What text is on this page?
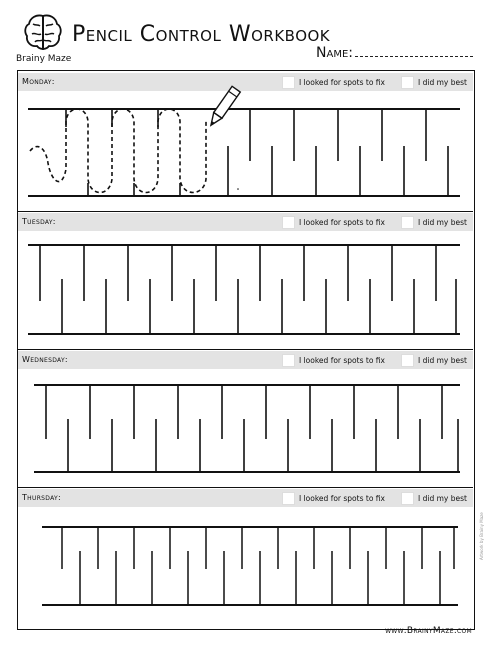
Brainy Maze
Pencil Control Workbook
Name:
Monday:	I looked for spots to fix	I did my best
Tuesday:	I looked for spots to fix	I did my best
Wednesday:	I looked for spots to fix	I did my best
Thursday:	I looked for spots to fix	I did my best
www.BrainyMaze.com
Artwork by Brainy Maze
